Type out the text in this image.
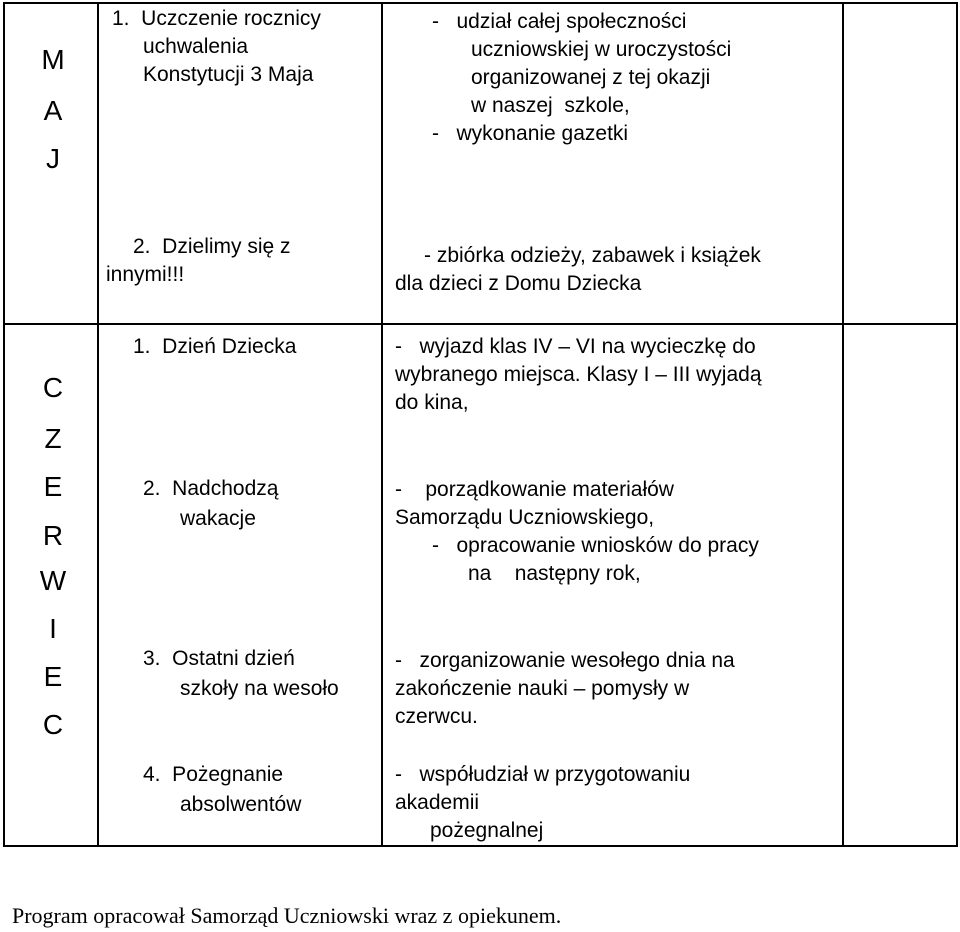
M
A
J
1.  Uczczenie rocznicy
uchwalenia
Konstytucji 3 Maja
2.  Dzielimy się z
innymi!!!
-   udział całej społeczności
uczniowskiej w uroczystości
organizowanej z tej okazji
w naszej  szkole,
-   wykonanie gazetki
- zbiórka odzieży, zabawek i książek
dla dzieci z Domu Dziecka
C
Z
E
R
W
I
E
C
1.  Dzień Dziecka
2.  Nadchodzą
wakacje
3.  Ostatni dzień
szkoły na wesoło
4.  Pożegnanie
absolwentów
-   wyjazd klas IV – VI na wycieczkę do
wybranego miejsca. Klasy I – III wyjadą
do kina,
-    porządkowanie materiałów
Samorządu Uczniowskiego,
-   opracowanie wniosków do pracy
na    następny rok,
-   zorganizowanie wesołego dnia na
zakończenie nauki – pomysły w
czerwcu.
-   współudział w przygotowaniu
akademii
pożegnalnej
Program opracował Samorząd Uczniowski wraz z opiekunem.
